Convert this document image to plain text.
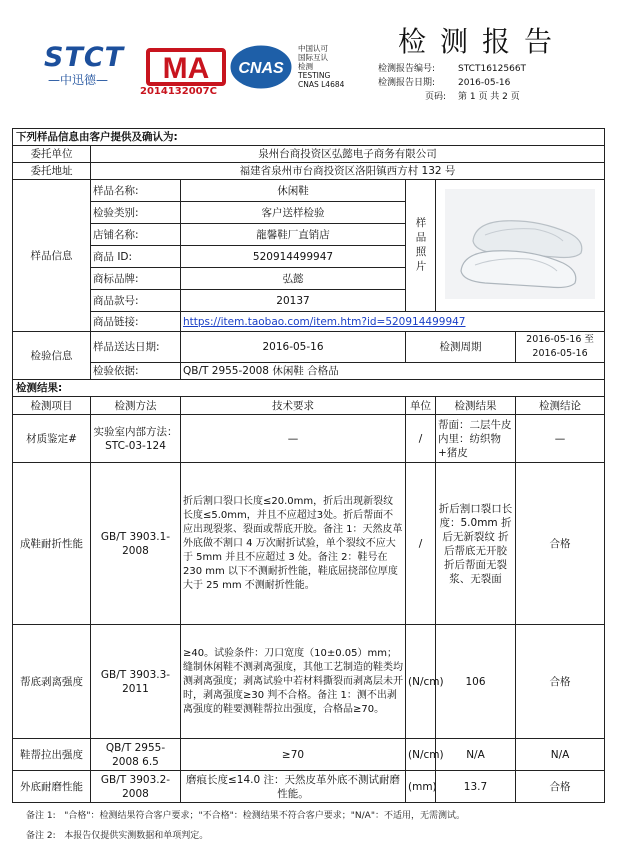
STCT
—中迅德—	MA
2014132007C
CNAS
中国认可
国际互认
检测
TESTING
CNAS L4684
检测报告
检测报告编号:	STCT1612566T
检测报告日期:	2016-05-16
页码: 第 1 页 共 2 页
下列样品信息由客户提供及确认为:					
委托单位	泉州台商投资区弘懿电子商务有限公司				
委托地址	福建省泉州市台商投资区洛阳镇西方村 132 号				
样品信息	样品名称:	休闲鞋	样品照片	
	检验类别:	客户送样检验			
	店铺名称:	龍馨鞋厂直销店			
	商品 ID:	520914499947			
	商标品牌:	弘懿			
	商品款号:	20137			
	商品链接:	https://item.taobao.com/item.htm?id=520914499947			
检验信息	样品送达日期:	2016-05-16	检测周期		2016-05-16 至 2016-05-16
	检验依据:	QB/T 2955-2008 休闲鞋 合格品			
检测结果:					
检测项目	检测方法	技术要求	单位	检测结果	检测结论
材质鉴定#	实验室内部方法：STC-03-124	—	/	帮面：二层牛皮 内里：纺织物+猪皮	—
成鞋耐折性能	GB/T 3903.1-2008	折后割口裂口长度≤20.0mm，折后出现新裂纹长度≤5.0mm，并且不应超过3处。折后帮面不应出现裂浆、裂面或帮底开胶。备注 1：天然皮革外底做不割口 4 万次耐折试验，单个裂纹不应大于 5mm 并且不应超过 3 处。备注 2：鞋号在 230 mm 以下不测耐折性能，鞋底屈挠部位厚度大于 25 mm 不测耐折性能。	/	折后割口裂口长度：5.0mm 折后无新裂纹 折后帮底无开胶 折后帮面无裂浆、无裂面	合格
帮底剥离强度	GB/T 3903.3-2011	≥40。试验条件：刀口宽度（10±0.05）mm；缝制休闲鞋不测剥离强度，其他工艺制造的鞋类均测剥离强度；剥离试验中若材料撕裂而剥离层未开时，剥离强度≥30 判不合格。备注 1：测不出剥离强度的鞋要测鞋帮拉出强度，合格品≥70。	(N/cm)	106	合格
鞋帮拉出强度	QB/T 2955-2008 6.5	≥70	(N/cm)	N/A	N/A
外底耐磨性能	GB/T 3903.2-2008	磨痕长度≤14.0 注：天然皮革外底不测试耐磨性能。	(mm)	13.7	合格
备注 1: "合格"：检测结果符合客户要求；"不合格"：检测结果不符合客户要求；"N/A"：不适用，无需测试。
备注 2: 本报告仅提供实测数据和单项判定。
